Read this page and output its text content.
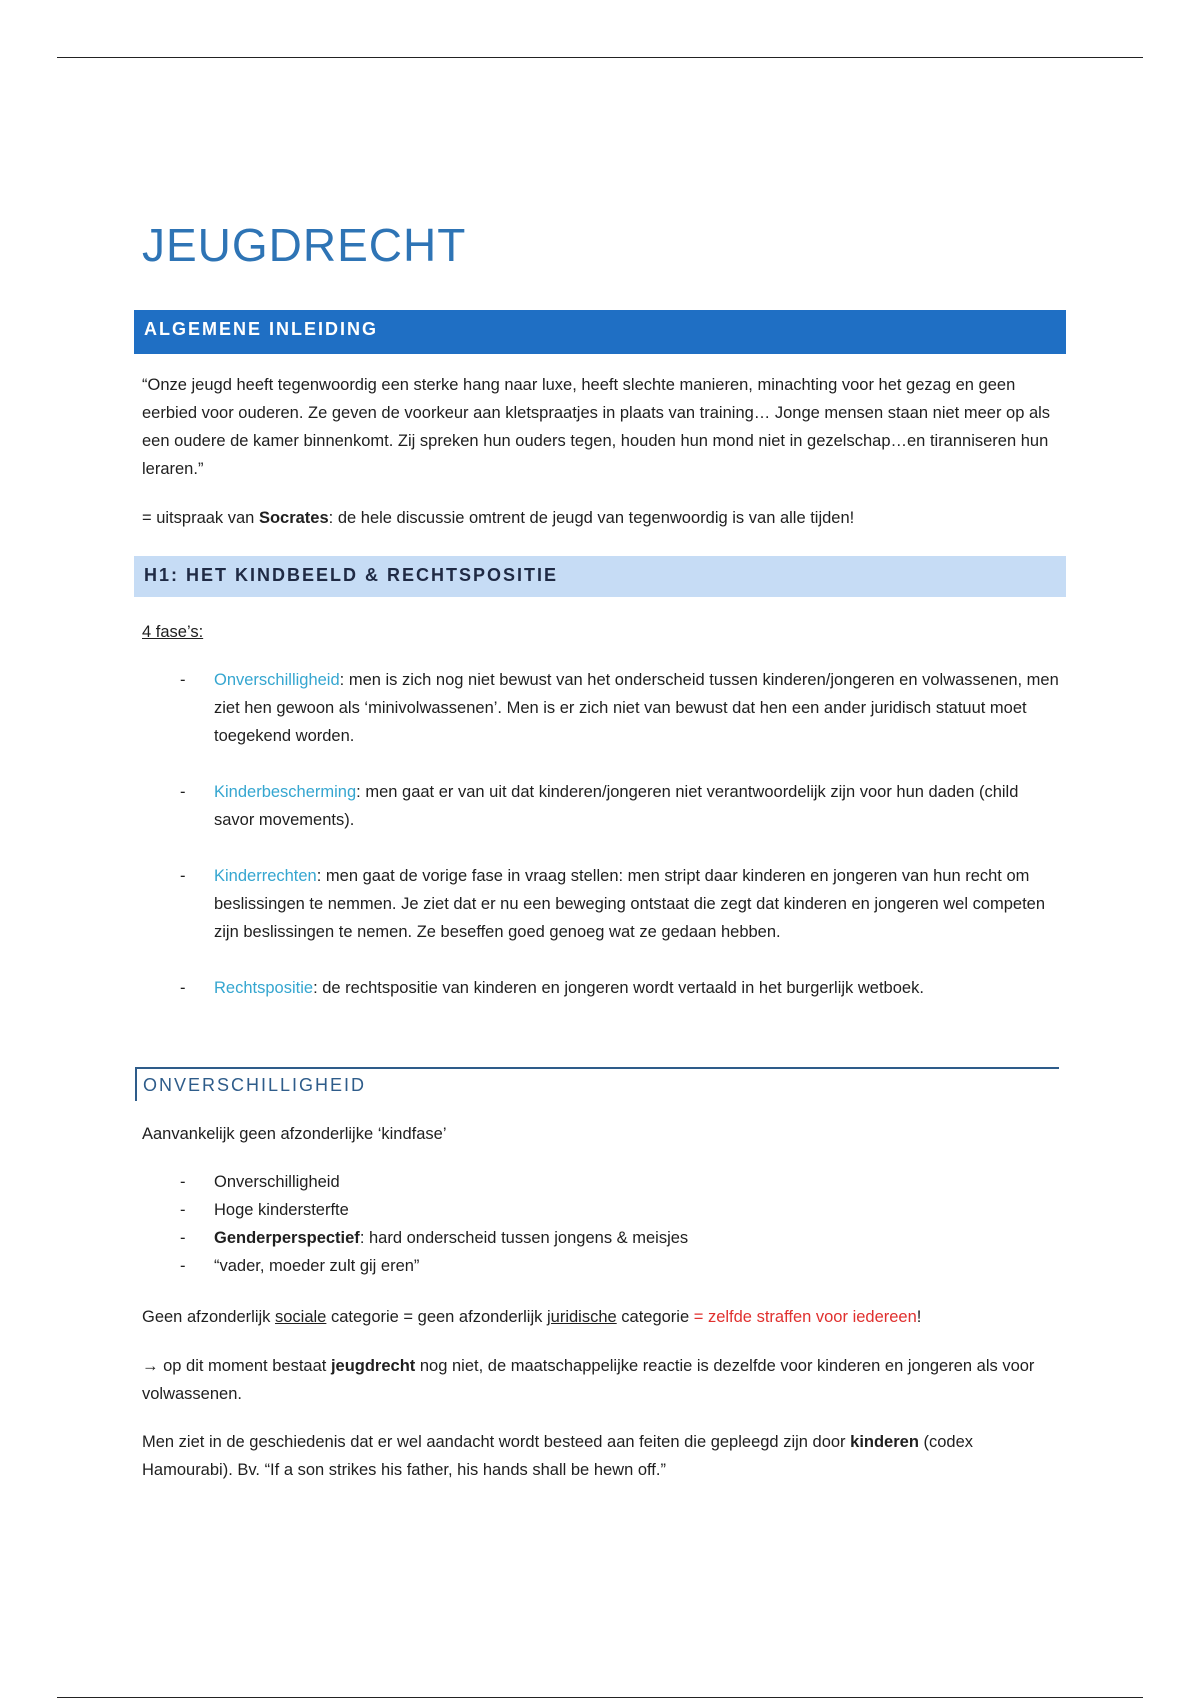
JEUGDRECHT
ALGEMENE INLEIDING

“Onze jeugd heeft tegenwoordig een sterke hang naar luxe, heeft slechte manieren, minachting voor het gezag en geen eerbied voor ouderen. Ze geven de voorkeur aan kletspraatjes in plaats van training… Jonge mensen staan niet meer op als een oudere de kamer binnenkomt. Zij spreken hun ouders tegen, houden hun mond niet in gezelschap…en tiranniseren hun leraren.”

= uitspraak van Socrates: de hele discussie omtrent de jeugd van tegenwoordig is van alle tijden!

H1: HET KINDBEELD & RECHTSPOSITIE

4 fase’s:

- Onverschilligheid: men is zich nog niet bewust van het onderscheid tussen kinderen/jongeren en volwassenen, men ziet hen gewoon als ‘minivolwassenen’. Men is er zich niet van bewust dat hen een ander juridisch statuut moet toegekend worden.
- Kinderbescherming: men gaat er van uit dat kinderen/jongeren niet verantwoordelijk zijn voor hun daden (child savor movements).
- Kinderrechten: men gaat de vorige fase in vraag stellen: men stript daar kinderen en jongeren van hun recht om beslissingen te nemmen. Je ziet dat er nu een beweging ontstaat die zegt dat kinderen en jongeren wel competen zijn beslissingen te nemen. Ze beseffen goed genoeg wat ze gedaan hebben.
- Rechtspositie: de rechtspositie van kinderen en jongeren wordt vertaald in het burgerlijk wetboek.
ONVERSCHILLIGHEID

Aanvankelijk geen afzonderlijke ‘kindfase’

- Onverschilligheid
- Hoge kindersterfte
- Genderperspectief: hard onderscheid tussen jongens & meisjes
- “vader, moeder zult gij eren”

Geen afzonderlijk sociale categorie = geen afzonderlijk juridische categorie = zelfde straffen voor iedereen!

→ op dit moment bestaat jeugdrecht nog niet, de maatschappelijke reactie is dezelfde voor kinderen en jongeren als voor volwassenen.

Men ziet in de geschiedenis dat er wel aandacht wordt besteed aan feiten die gepleegd zijn door kinderen (codex Hamourabi). Bv. “If a son strikes his father, his hands shall be hewn off.”
